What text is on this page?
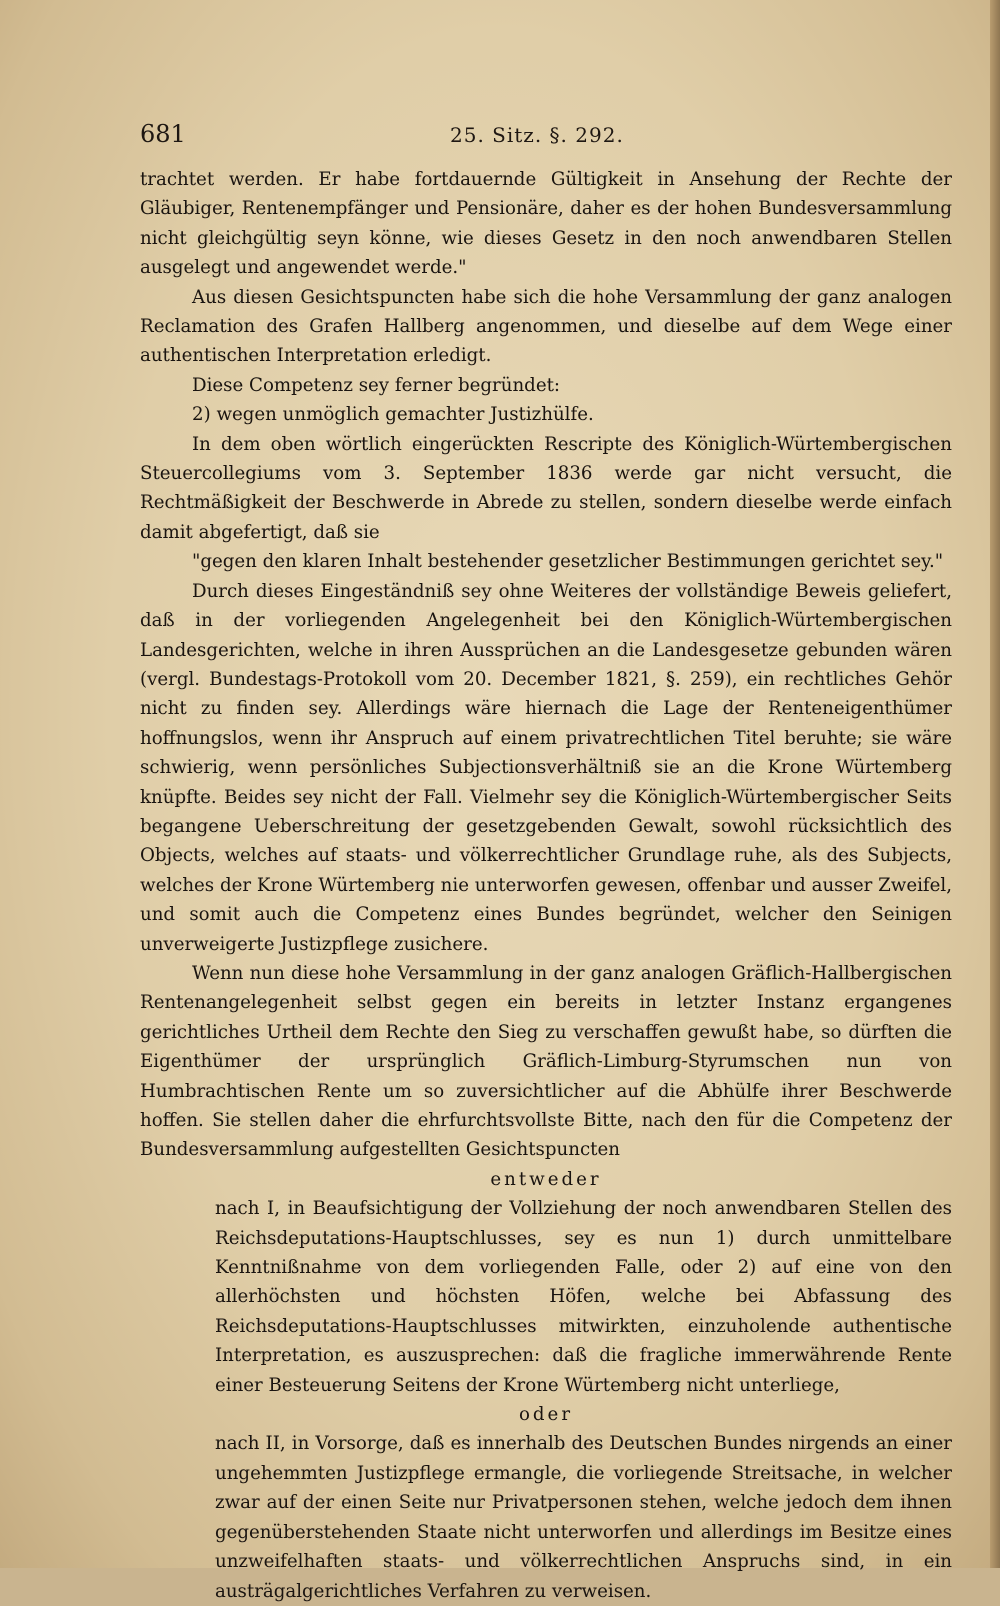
681	25. Sitz. §. 292.

trachtet werden. Er habe fortdauernde Gültigkeit in Ansehung der Rechte der Gläubiger, Rentenempfänger und Pensionäre, daher es der hohen Bundesversammlung nicht gleichgültig seyn könne, wie dieses Gesetz in den noch anwendbaren Stellen ausgelegt und angewendet werde."

Aus diesen Gesichtspuncten habe sich die hohe Versammlung der ganz analogen Reclamation des Grafen Hallberg angenommen, und dieselbe auf dem Wege einer authentischen Interpretation erledigt.

Diese Competenz sey ferner begründet:

2) wegen unmöglich gemachter Justizhülfe.

In dem oben wörtlich eingerückten Rescripte des Königlich-Würtembergischen Steuercollegiums vom 3. September 1836 werde gar nicht versucht, die Rechtmäßigkeit der Beschwerde in Abrede zu stellen, sondern dieselbe werde einfach damit abgefertigt, daß sie

"gegen den klaren Inhalt bestehender gesetzlicher Bestimmungen gerichtet sey."

Durch dieses Eingeständniß sey ohne Weiteres der vollständige Beweis geliefert, daß in der vorliegenden Angelegenheit bei den Königlich-Würtembergischen Landesgerichten, welche in ihren Aussprüchen an die Landesgesetze gebunden wären (vergl. Bundestags-Protokoll vom 20. December 1821, §. 259), ein rechtliches Gehör nicht zu finden sey. Allerdings wäre hiernach die Lage der Renteneigenthümer hoffnungslos, wenn ihr Anspruch auf einem privatrechtlichen Titel beruhte; sie wäre schwierig, wenn persönliches Subjectionsverhältniß sie an die Krone Würtemberg knüpfte. Beides sey nicht der Fall. Vielmehr sey die Königlich-Würtembergischer Seits begangene Ueberschreitung der gesetzgebenden Gewalt, sowohl rücksichtlich des Objects, welches auf staats- und völkerrechtlicher Grundlage ruhe, als des Subjects, welches der Krone Würtemberg nie unterworfen gewesen, offenbar und ausser Zweifel, und somit auch die Competenz eines Bundes begründet, welcher den Seinigen unverweigerte Justizpflege zusichere.

Wenn nun diese hohe Versammlung in der ganz analogen Gräflich-Hallbergischen Rentenangelegenheit selbst gegen ein bereits in letzter Instanz ergangenes gerichtliches Urtheil dem Rechte den Sieg zu verschaffen gewußt habe, so dürften die Eigenthümer der ursprünglich Gräflich-Limburg-Styrumschen nun von Humbrachtischen Rente um so zuversichtlicher auf die Abhülfe ihrer Beschwerde hoffen. Sie stellen daher die ehrfurchtsvollste Bitte, nach den für die Competenz der Bundesversammlung aufgestellten Gesichtspuncten

entweder

nach I, in Beaufsichtigung der Vollziehung der noch anwendbaren Stellen des Reichsdeputations-Hauptschlusses, sey es nun 1) durch unmittelbare Kenntnißnahme von dem vorliegenden Falle, oder 2) auf eine von den allerhöchsten und höchsten Höfen, welche bei Abfassung des Reichsdeputations-Hauptschlusses mitwirkten, einzuholende authentische Interpretation, es auszusprechen: daß die fragliche immerwährende Rente einer Besteuerung Seitens der Krone Würtemberg nicht unterliege,

oder

nach II, in Vorsorge, daß es innerhalb des Deutschen Bundes nirgends an einer ungehemmten Justizpflege ermangle, die vorliegende Streitsache, in welcher zwar auf der einen Seite nur Privatpersonen stehen, welche jedoch dem ihnen gegenüberstehenden Staate nicht unterworfen und allerdings im Besitze eines unzweifelhaften staats- und völkerrechtlichen Anspruchs sind, in ein austrägalgerichtliches Verfahren zu verweisen.
